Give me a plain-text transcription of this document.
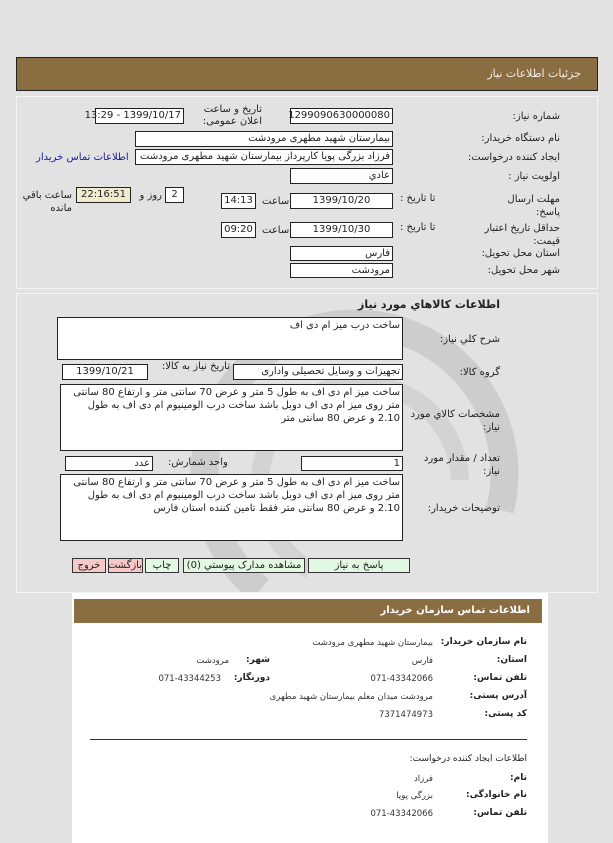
جزئیات اطلاعات نیاز
شماره نیاز:
1299090630000080
تاریخ و ساعت اعلان عمومی:
1399/10/17 - 13:29
نام دستگاه خریدار:
بیمارستان شهید مطهری مرودشت
ایجاد کننده درخواست:
فرزاد بزرگی پویا کارپرداز بیمارستان شهید مطهری مرودشت
اطلاعات تماس خریدار
اولویت نیاز :
عادي
مهلت ارسال پاسخ:
تا تاریخ :
1399/10/20
ساعت
14:13
2
روز و
22:16:51
ساعت باقي مانده
حداقل تاریخ اعتبار قیمت:
تا تاریخ :
1399/10/30
ساعت
09:20
استان محل تحویل:
فارس
شهر محل تحویل:
مرودشت
اطلاعات کالاهاي مورد نياز
شرح کلي نياز:
ساخت درب میز ام دی اف
گروه کالا:
تجهیزات و وسایل تحصیلی واداری
تاریخ نیاز به کالا:
1399/10/21
مشخصات کالاي مورد نياز:
ساخت میز ام دی اف به طول 5 متر و عرض 70 سانتی متر و ارتفاع 80 سانتی متر روی میز ام دی اف دوبل باشد ساخت درب الومینیوم ام دی اف به طول 2.10 و عرض 80 سانتی متر
تعداد / مقدار مورد نياز:
1
واحد شمارش:
عدد
توضیحات خریدار:
ساخت میز ام دی اف به طول 5 متر و عرض 70 سانتی متر و ارتفاع 80 سانتی متر روی میز ام دی اف دوبل باشد ساخت درب الومینیوم ام دی اف به طول 2.10 و عرض 80 سانتی متر فقط تامین کننده استان فارس
پاسخ به نياز
مشاهده مدارک پيوستي (0)
چاپ
بازگشت
خروج
اطلاعات تماس سازمان خریدار
نام سازمان خریدار:
بیمارستان شهید مطهری مرودشت
استان:
فارس
شهر:
مرودشت
تلفن تماس:
071-43342066
دورنگار:
071-43344253
آدرس پستی:
مرودشت میدان معلم بیمارستان شهید مطهری
کد پستی:
7371474973
اطلاعات ایجاد کننده درخواست:
نام:
فرزاد
نام خانوادگی:
بزرگی پویا
تلفن تماس:
071-43342066
